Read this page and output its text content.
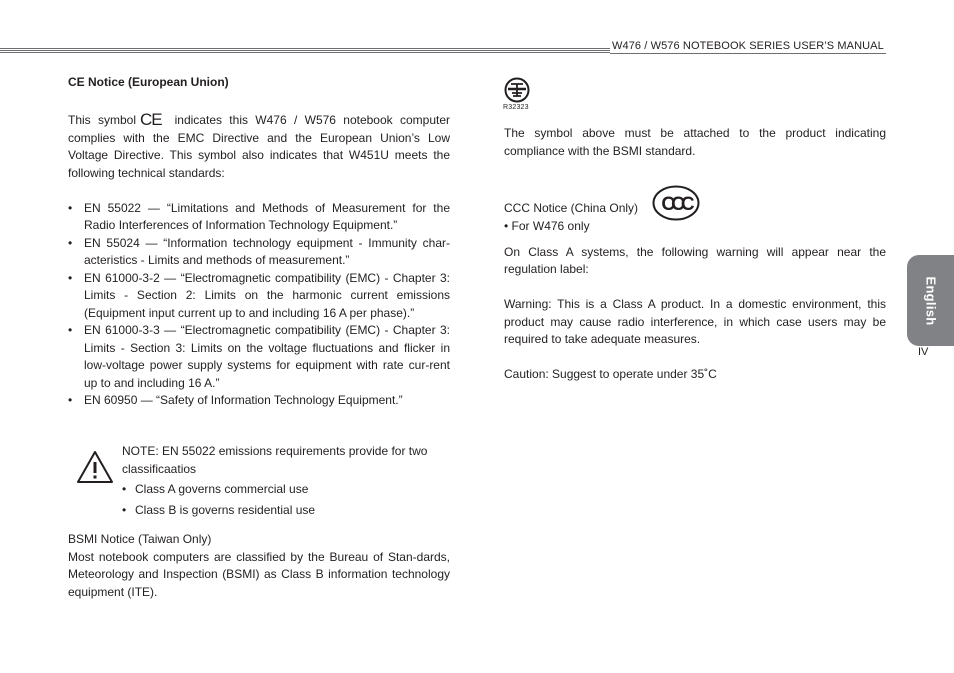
W476 / W576 NOTEBOOK SERIES USER’S MANUAL
CE Notice (European Union)
This symbol CE indicates this W476 / W576 notebook computer complies with the EMC Directive and the European Union’s Low Voltage Directive. This symbol also indicates that W451U meets the following technical standards:
• EN 55022 — “Limitations and Methods of Measurement for the Radio Interferences of Information Technology Equipment.”
• EN 55024 — “Information technology equipment - Immunity char-acteristics - Limits and methods of measurement.”
• EN 61000-3-2 — “Electromagnetic compatibility (EMC) - Chapter 3: Limits - Section 2: Limits on the harmonic current emissions (Equipment input current up to and including 16 A per phase).”
• EN 61000-3-3 — “Electromagnetic compatibility (EMC) - Chapter 3: Limits - Section 3: Limits on the voltage fluctuations and flicker in low-voltage power supply systems for equipment with rate cur-rent up to and including 16 A.”
• EN 60950 — “Safety of Information Technology Equipment.”
NOTE: EN 55022 emissions requirements provide for two classificaatios
• Class A governs commercial use
• Class B is governs residential use
BSMI Notice (Taiwan Only)
Most notebook computers are classified by the Bureau of Stan-dards, Meteorology and Inspection (BSMI) as Class B information technology equipment (ITE).
R32323
The symbol above must be attached to the product indicating compliance with the BSMI standard.
CCC Notice (China Only) CCC
• For W476 only
On Class A systems, the following warning will appear near the regulation label:
Warning: This is a Class A product. In a domestic environment, this product may cause radio interference, in which case users may be required to take adequate measures.
Caution: Suggest to operate under 35˚C
English
IV
